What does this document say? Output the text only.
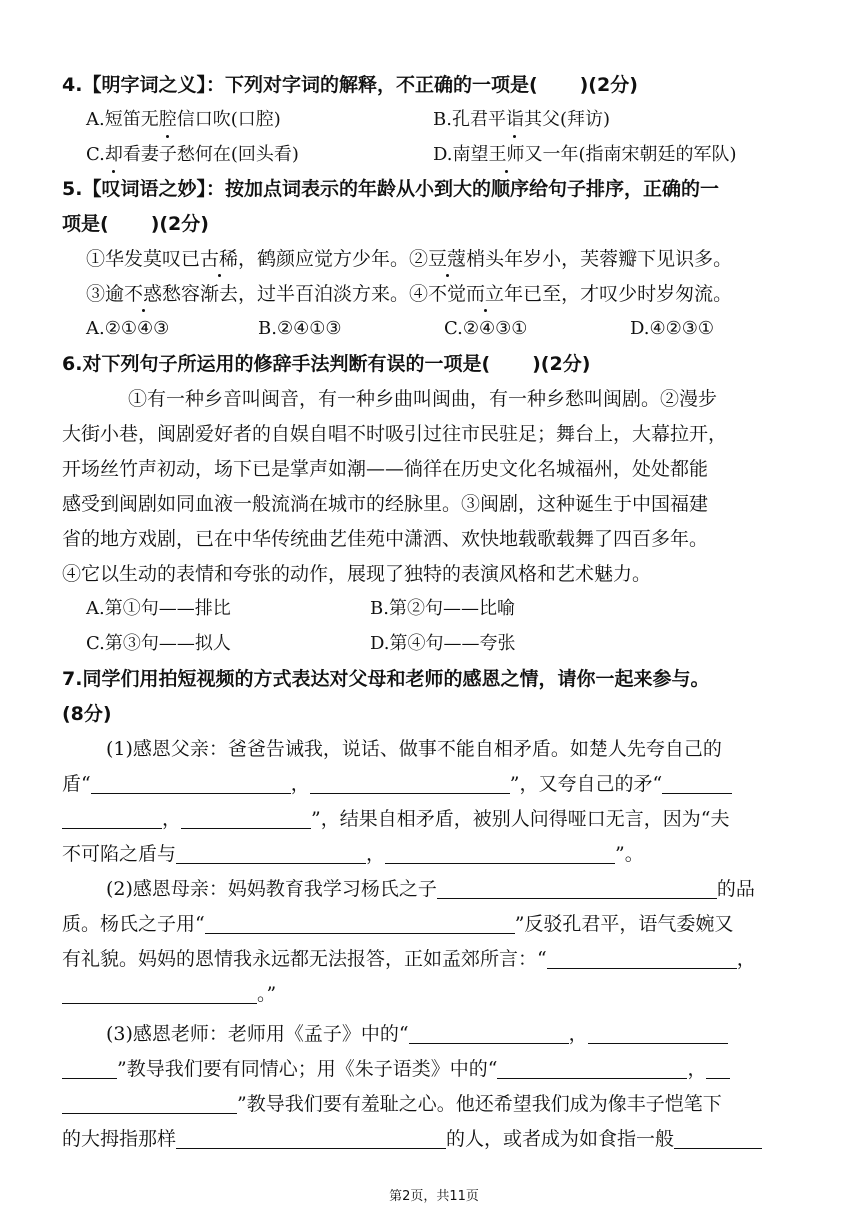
4.【明字词之义】：下列对字词的解释，不正确的一项是( )(2分)
A.短笛无腔信口吹(口腔)	B.孔君平诣其父(拜访)
C.却看妻子愁何在(回头看)	D.南望王师又一年(指南宋朝廷的军队)
5.【叹词语之妙】：按加点词表示的年龄从小到大的顺序给句子排序，正确的一
项是( )(2分)
①华发莫叹已古稀，鹤颜应觉方少年。②豆蔻梢头年岁小，芙蓉瓣下见识多。
③逾不惑愁容渐去，过半百泊淡方来。④不觉而立年已至，才叹少时岁匆流。
A.②①④③	B.②④①③	C.②④③①	D.④②③①
6.对下列句子所运用的修辞手法判断有误的一项是( )(2分)
①有一种乡音叫闽音，有一种乡曲叫闽曲，有一种乡愁叫闽剧。②漫步
大街小巷，闽剧爱好者的自娱自唱不时吸引过往市民驻足；舞台上，大幕拉开，
开场丝竹声初动，场下已是掌声如潮——徜徉在历史文化名城福州，处处都能
感受到闽剧如同血液一般流淌在城市的经脉里。③闽剧，这种诞生于中国福建
省的地方戏剧，已在中华传统曲艺佳苑中潇洒、欢快地载歌载舞了四百多年。
④它以生动的表情和夸张的动作，展现了独特的表演风格和艺术魅力。
A.第①句——排比	B.第②句——比喻
C.第③句——拟人	D.第④句——夸张
7.同学们用拍短视频的方式表达对父母和老师的感恩之情，请你一起来参与。
(8分)
(1)感恩父亲：爸爸告诫我，说话、做事不能自相矛盾。如楚人先夸自己的
盾“	，	”，又夸自己的矛“
，	”，结果自相矛盾，被别人问得哑口无言，因为“夫
不可陷之盾与	，	”。
(2)感恩母亲：妈妈教育我学习杨氏之子	的品
质。杨氏之子用“	”反驳孔君平，语气委婉又
有礼貌。妈妈的恩情我永远都无法报答，正如孟郊所言：“	，
。”
(3)感恩老师：老师用《孟子》中的“	，
”教导我们要有同情心；用《朱子语类》中的“	，
”教导我们要有羞耻之心。他还希望我们成为像丰子恺笔下
的大拇指那样	的人，或者成为如食指一般
第2页，共11页
